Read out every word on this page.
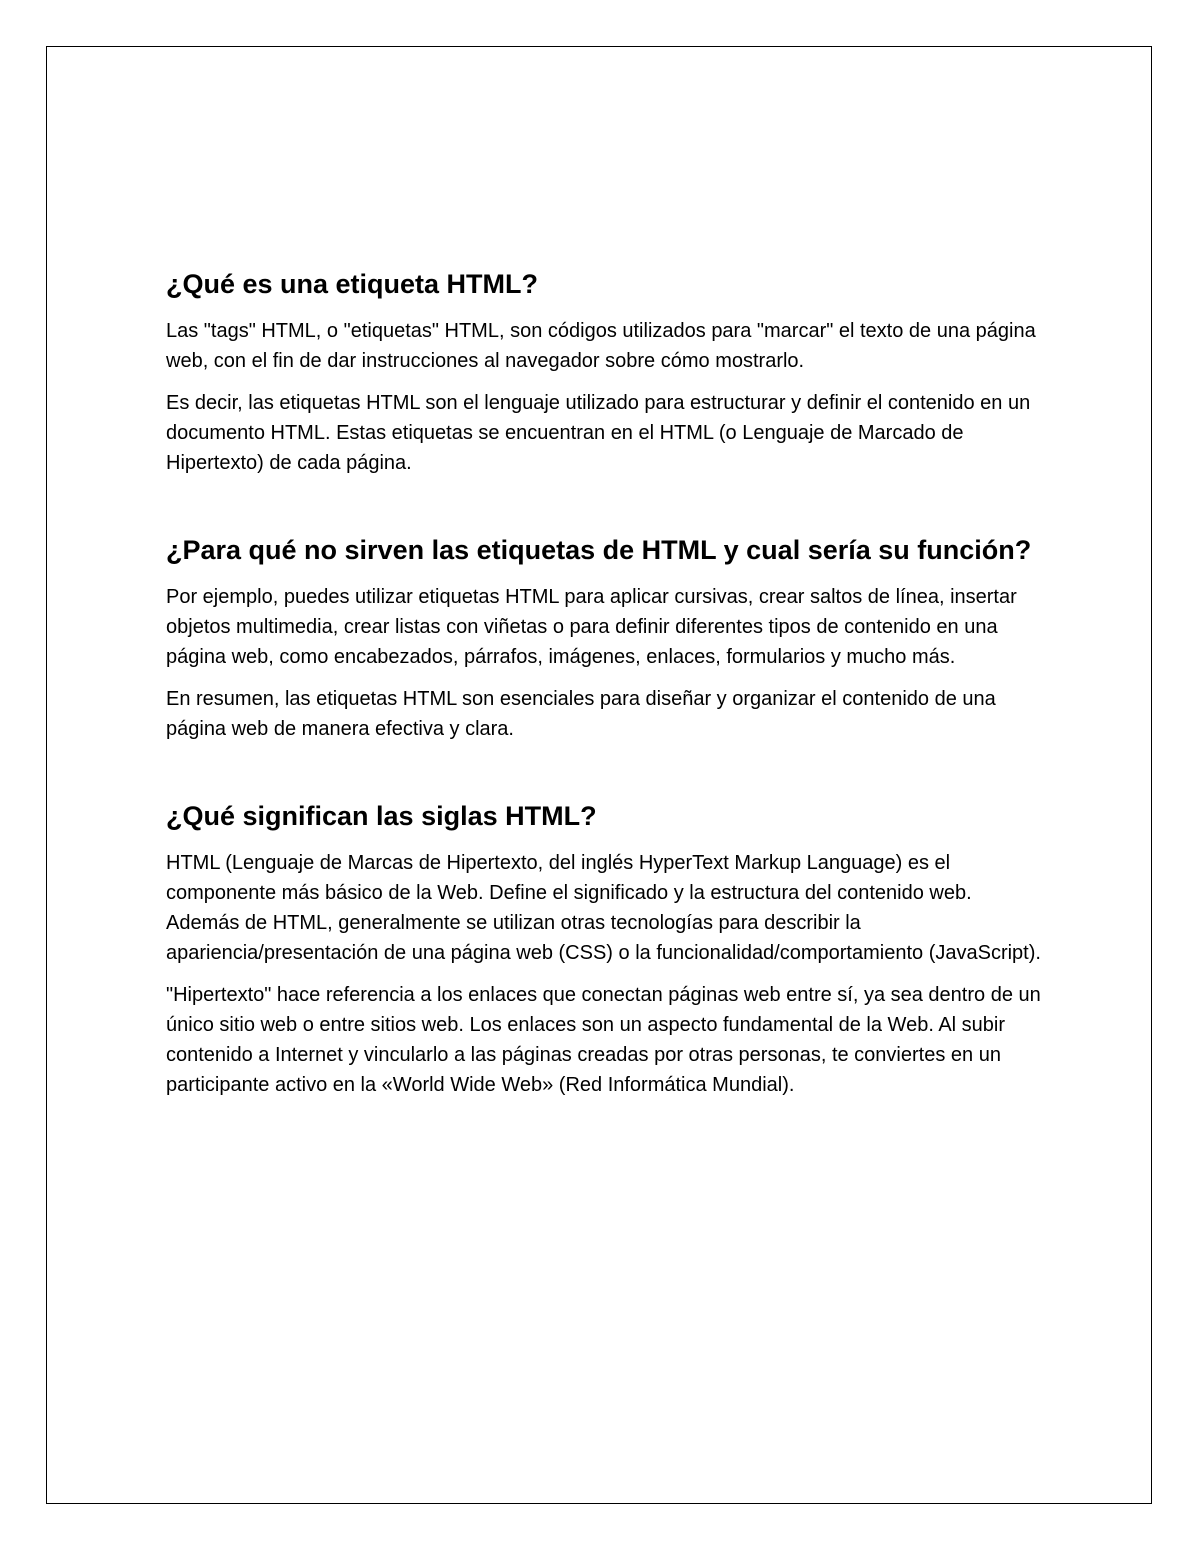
¿Qué es una etiqueta HTML?

Las "tags" HTML, o "etiquetas" HTML, son códigos utilizados para "marcar" el texto de una página web, con el fin de dar instrucciones al navegador sobre cómo mostrarlo.

Es decir, las etiquetas HTML son el lenguaje utilizado para estructurar y definir el contenido en un documento HTML. Estas etiquetas se encuentran en el HTML (o Lenguaje de Marcado de Hipertexto) de cada página.

¿Para qué no sirven las etiquetas de HTML y cual sería su función?

Por ejemplo, puedes utilizar etiquetas HTML para aplicar cursivas, crear saltos de línea, insertar objetos multimedia, crear listas con viñetas o para definir diferentes tipos de contenido en una página web, como encabezados, párrafos, imágenes, enlaces, formularios y mucho más.

En resumen, las etiquetas HTML son esenciales para diseñar y organizar el contenido de una página web de manera efectiva y clara.

¿Qué significan las siglas HTML?

HTML (Lenguaje de Marcas de Hipertexto, del inglés HyperText Markup Language) es el componente más básico de la Web. Define el significado y la estructura del contenido web. Además de HTML, generalmente se utilizan otras tecnologías para describir la apariencia/presentación de una página web (CSS) o la funcionalidad/comportamiento (JavaScript).

"Hipertexto" hace referencia a los enlaces que conectan páginas web entre sí, ya sea dentro de un único sitio web o entre sitios web. Los enlaces son un aspecto fundamental de la Web. Al subir contenido a Internet y vincularlo a las páginas creadas por otras personas, te conviertes en un participante activo en la «World Wide Web» (Red Informática Mundial).
